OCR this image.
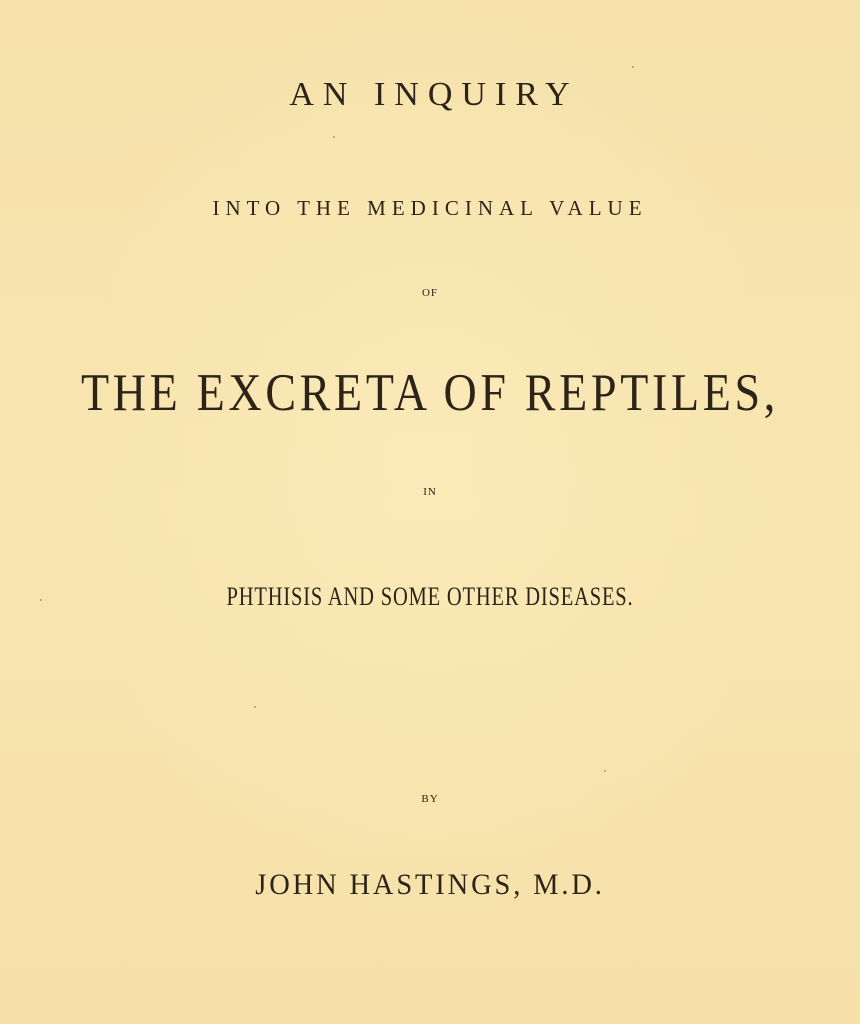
AN INQUIRY
INTO THE MEDICINAL VALUE
OF
THE EXCRETA OF REPTILES,
IN
PHTHISIS AND SOME OTHER DISEASES.
BY
JOHN HASTINGS, M.D.
